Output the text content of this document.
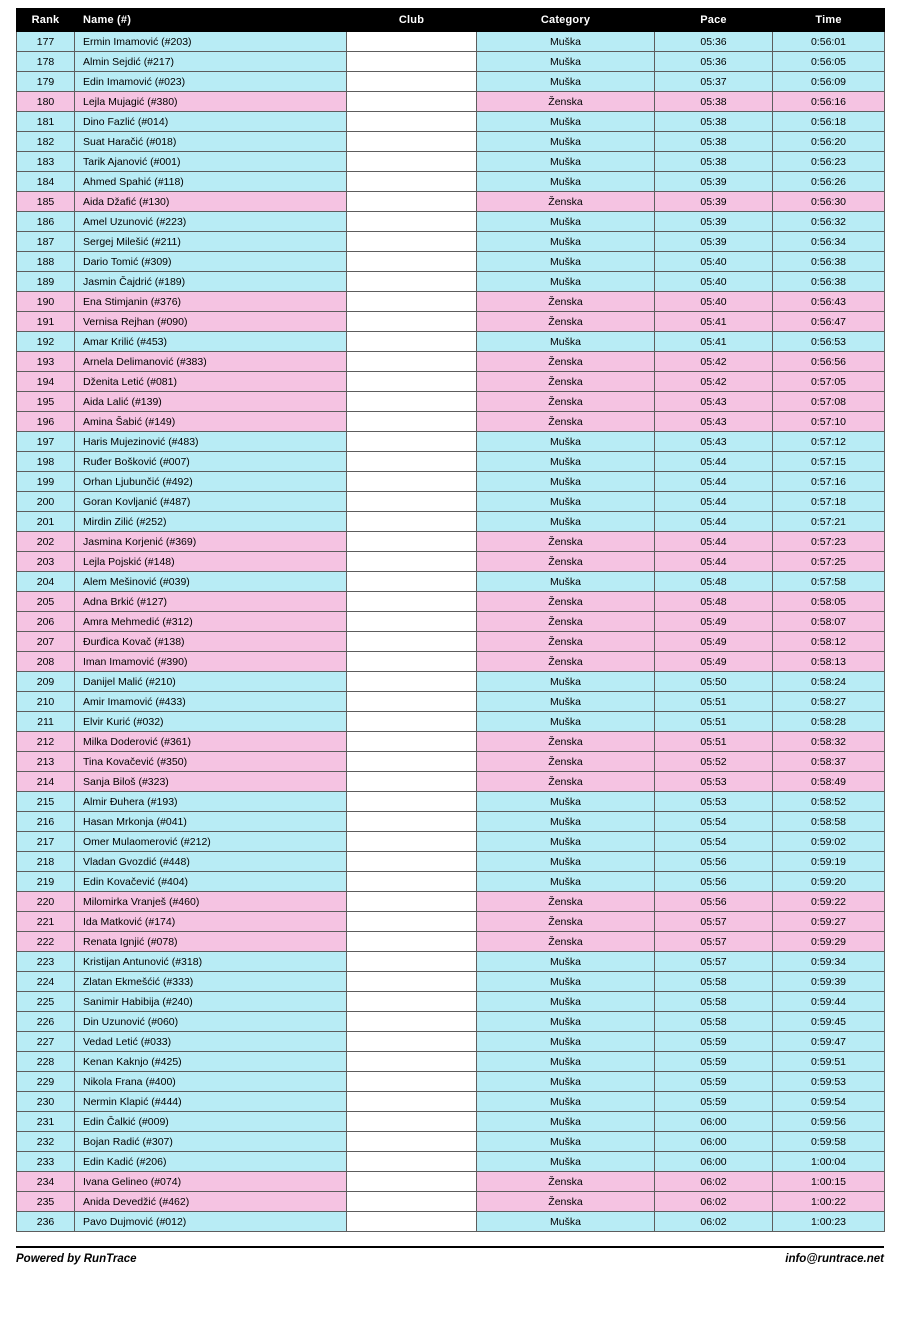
Rank	Name (#)	Club	Category	Pace	Time
177	Ermin Imamović (#203)		Muška	05:36	0:56:01
178	Almin Sejdić (#217)		Muška	05:36	0:56:05
179	Edin Imamović (#023)		Muška	05:37	0:56:09
180	Lejla Mujagić (#380)		Ženska	05:38	0:56:16
181	Dino Fazlić (#014)		Muška	05:38	0:56:18
182	Suat Haračić (#018)		Muška	05:38	0:56:20
183	Tarik Ajanović (#001)		Muška	05:38	0:56:23
184	Ahmed Spahić (#118)		Muška	05:39	0:56:26
185	Aida Džafić (#130)		Ženska	05:39	0:56:30
186	Amel Uzunović (#223)		Muška	05:39	0:56:32
187	Sergej Milešić (#211)		Muška	05:39	0:56:34
188	Dario Tomić (#309)		Muška	05:40	0:56:38
189	Jasmin Čajdrić (#189)		Muška	05:40	0:56:38
190	Ena Stimjanin (#376)		Ženska	05:40	0:56:43
191	Vernisa Rejhan (#090)		Ženska	05:41	0:56:47
192	Amar Krilić (#453)		Muška	05:41	0:56:53
193	Arnela Delimanović (#383)		Ženska	05:42	0:56:56
194	Dženita Letić (#081)		Ženska	05:42	0:57:05
195	Aida Lalić (#139)		Ženska	05:43	0:57:08
196	Amina Šabić (#149)		Ženska	05:43	0:57:10
197	Haris Mujezinović (#483)		Muška	05:43	0:57:12
198	Ruđer Bošković (#007)		Muška	05:44	0:57:15
199	Orhan Ljubunčić (#492)		Muška	05:44	0:57:16
200	Goran Kovljanić (#487)		Muška	05:44	0:57:18
201	Mirdin Zilić (#252)		Muška	05:44	0:57:21
202	Jasmina Korjenić (#369)		Ženska	05:44	0:57:23
203	Lejla Pojskić (#148)		Ženska	05:44	0:57:25
204	Alem Mešinović (#039)		Muška	05:48	0:57:58
205	Adna Brkić (#127)		Ženska	05:48	0:58:05
206	Amra Mehmedić (#312)		Ženska	05:49	0:58:07
207	Đurđica Kovač (#138)		Ženska	05:49	0:58:12
208	Iman Imamović (#390)		Ženska	05:49	0:58:13
209	Danijel Malić (#210)		Muška	05:50	0:58:24
210	Amir Imamović (#433)		Muška	05:51	0:58:27
211	Elvir Kurić (#032)		Muška	05:51	0:58:28
212	Milka Doderović (#361)		Ženska	05:51	0:58:32
213	Tina Kovačević (#350)		Ženska	05:52	0:58:37
214	Sanja Biloš (#323)		Ženska	05:53	0:58:49
215	Almir Đuhera (#193)		Muška	05:53	0:58:52
216	Hasan Mrkonja (#041)		Muška	05:54	0:58:58
217	Omer Mulaomerović (#212)		Muška	05:54	0:59:02
218	Vladan Gvozdić (#448)		Muška	05:56	0:59:19
219	Edin Kovačević (#404)		Muška	05:56	0:59:20
220	Milomirka Vranješ (#460)		Ženska	05:56	0:59:22
221	Ida Matković (#174)		Ženska	05:57	0:59:27
222	Renata Ignjić (#078)		Ženska	05:57	0:59:29
223	Kristijan Antunović (#318)		Muška	05:57	0:59:34
224	Zlatan Ekmešćić (#333)		Muška	05:58	0:59:39
225	Sanimir Habibija (#240)		Muška	05:58	0:59:44
226	Din Uzunović (#060)		Muška	05:58	0:59:45
227	Vedad Letić (#033)		Muška	05:59	0:59:47
228	Kenan Kaknjo (#425)		Muška	05:59	0:59:51
229	Nikola Frana (#400)		Muška	05:59	0:59:53
230	Nermin Klapić (#444)		Muška	05:59	0:59:54
231	Edin Čalkić (#009)		Muška	06:00	0:59:56
232	Bojan Radić (#307)		Muška	06:00	0:59:58
233	Edin Kadić (#206)		Muška	06:00	1:00:04
234	Ivana Gelineo (#074)		Ženska	06:02	1:00:15
235	Anida Devedžić (#462)		Ženska	06:02	1:00:22
236	Pavo Dujmović (#012)		Muška	06:02	1:00:23
Powered by RunTrace	info@runtrace.net
